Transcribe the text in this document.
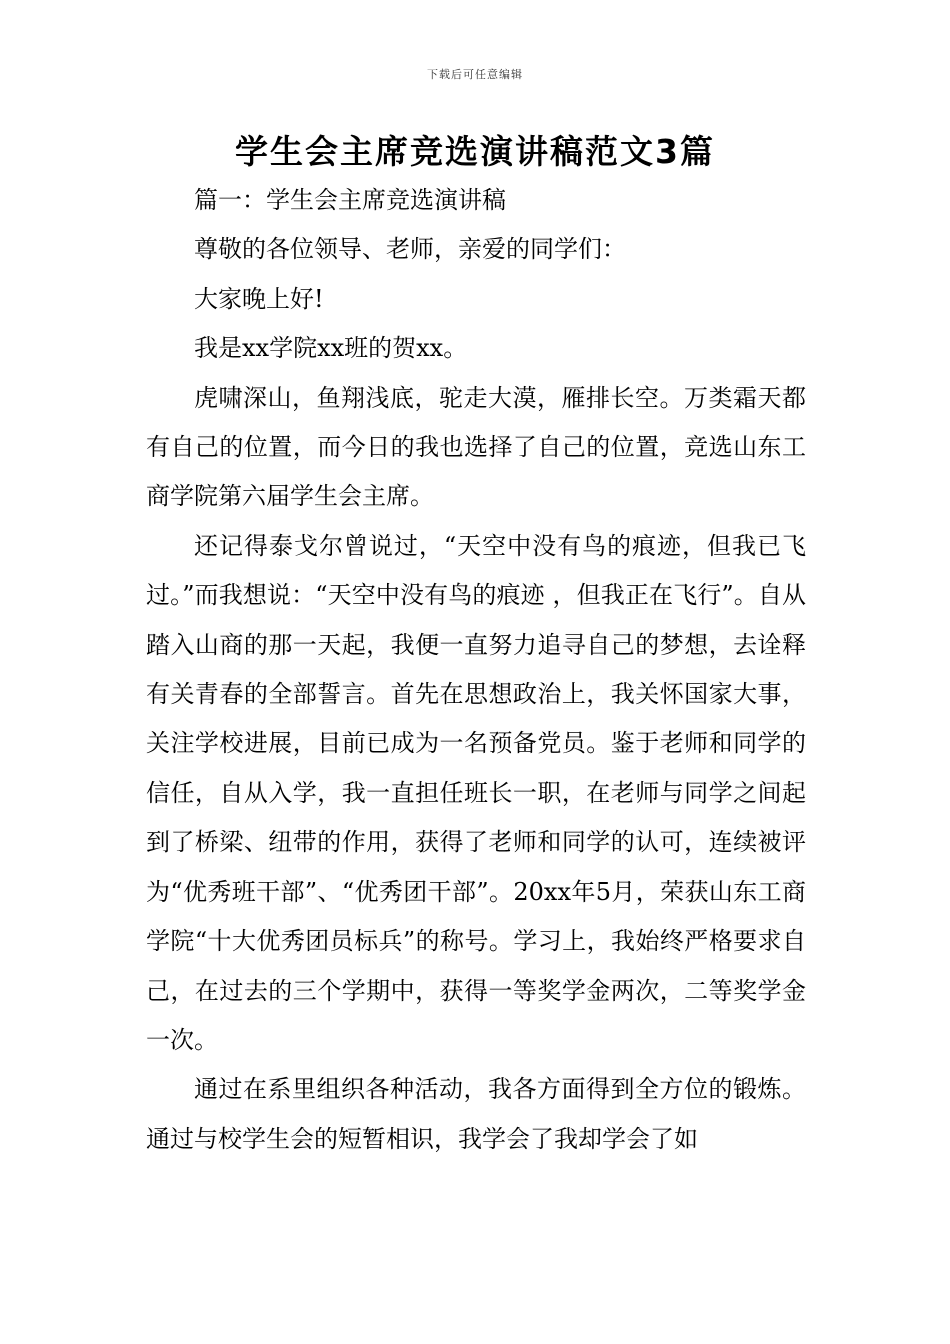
下载后可任意编辑
学生会主席竞选演讲稿范文3篇

篇一：学生会主席竞选演讲稿

尊敬的各位领导、老师，亲爱的同学们：

大家晚上好!

我是xx学院xx班的贺xx。

虎啸深山，鱼翔浅底，驼走大漠，雁排长空。万类霜天都有自己的位置，而今日的我也选择了自己的位置，竞选山东工商学院第六届学生会主席。

还记得泰戈尔曾说过，“天空中没有鸟的痕迹，但我已飞过。”而我想说：“天空中没有鸟的痕迹 ，但我正在飞行”。自从踏入山商的那一天起，我便一直努力追寻自己的梦想，去诠释有关青春的全部誓言。首先在思想政治上，我关怀国家大事，关注学校进展，目前已成为一名预备党员。鉴于老师和同学的信任，自从入学，我一直担任班长一职，在老师与同学之间起到了桥梁、纽带的作用，获得了老师和同学的认可，连续被评为“优秀班干部”、“优秀团干部”。20xx年5月，荣获山东工商学院“十大优秀团员标兵”的称号。学习上，我始终严格要求自己，在过去的三个学期中，获得一等奖学金两次，二等奖学金一次。

通过在系里组织各种活动，我各方面得到全方位的锻炼。通过与校学生会的短暂相识，我学会了我却学会了如
